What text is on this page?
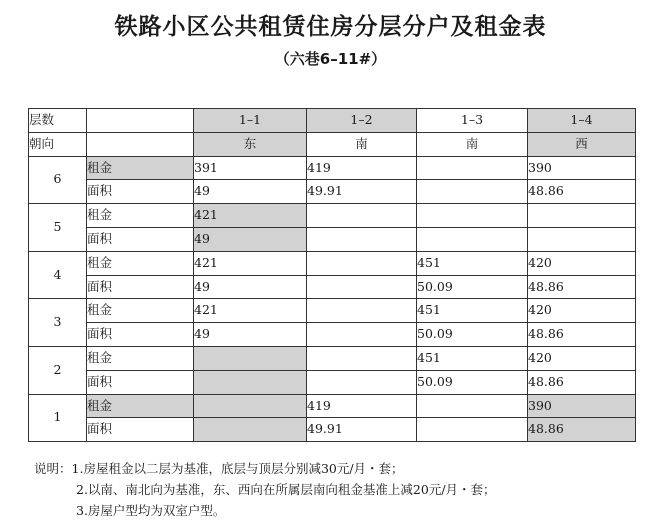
铁路小区公共租赁住房分层分户及租金表
（六巷6–11#）
层数		1–1	1–2	1–3	1–4
朝向		东	南	南	西
6	租金	391	419		390
	面积	49	49.91		48.86
5	租金	421			
	面积	49			
4	租金	421		451	420
	面积	49		50.09	48.86
3	租金	421		451	420
	面积	49		50.09	48.86
2	租金			451	420
	面积			50.09	48.86
1	租金		419		390
	面积		49.91		48.86
说明：1.房屋租金以二层为基准，底层与顶层分别减30元/月・套；
2.以南、南北向为基准，东、西向在所属层南向租金基准上减20元/月・套；
3.房屋户型均为双室户型。
